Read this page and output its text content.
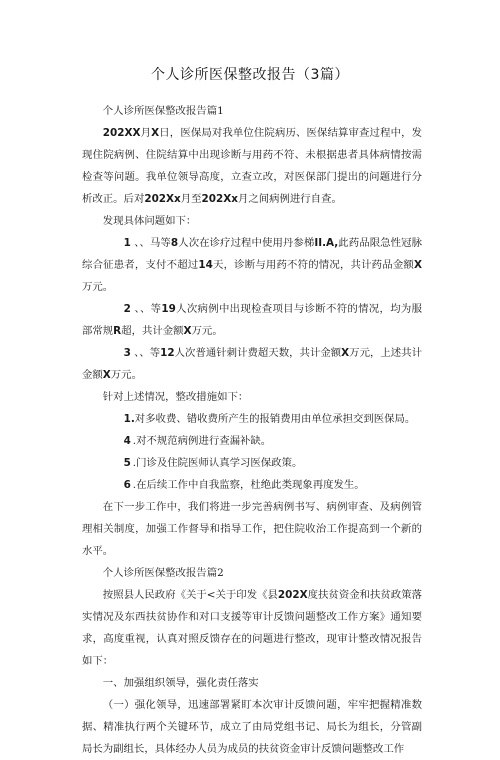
个人诊所医保整改报告（3篇）

个人诊所医保整改报告篇1

202XX月X日，医保局对我单位住院病历、医保结算审查过程中，发现住院病例、住院结算中出现诊断与用药不符、未根据患者具体病情按需检查等问题。我单位领导高度，立查立改，对医保部门提出的问题进行分析改正。后对202Xx月至202Xx月之间病例进行自查。

发现具体问题如下：

1 、、马等8人次在诊疗过程中使用丹参梯II.A,此药品限急性冠脉综合征患者，支付不超过14天，诊断与用药不符的情况，共计药品金额X万元。

2 、、等19人次病例中出现检查项目与诊断不符的情况，均为服部常规R超，共计金额X万元。

3 、、等12人次普通针刺计费超天数，共计金额X万元，上述共计金额X万元。

针对上述情况，整改措施如下：

1.对多收费、错收费所产生的报销费用由单位承担交到医保局。

4 .对不规范病例进行查漏补缺。

5 .门诊及住院医师认真学习医保政策。

6 .在后续工作中自我监察，杜绝此类现象再度发生。

在下一步工作中，我们将进一步完善病例书写、病例审查、及病例管理相关制度，加强工作督导和指导工作，把住院收治工作提高到一个新的水平。

个人诊所医保整改报告篇2

按照县人民政府《关于<关于印发《县202X度扶贫资金和扶贫政策落实情况及东西扶贫协作和对口支援等审计反馈问题整改工作方案》通知要求，高度重视，认真对照反馈存在的问题进行整改，现审计整改情况报告如下：

一、加强组织领导，强化责任落实

（一）强化领导，迅速部署紧盯本次审计反馈问题，牢牢把握精准数据、精准执行两个关键环节，成立了由局党组书记、局长为组长，分管副局长为副组长，具体经办人员为成员的扶贫资金审计反馈问题整改工作
